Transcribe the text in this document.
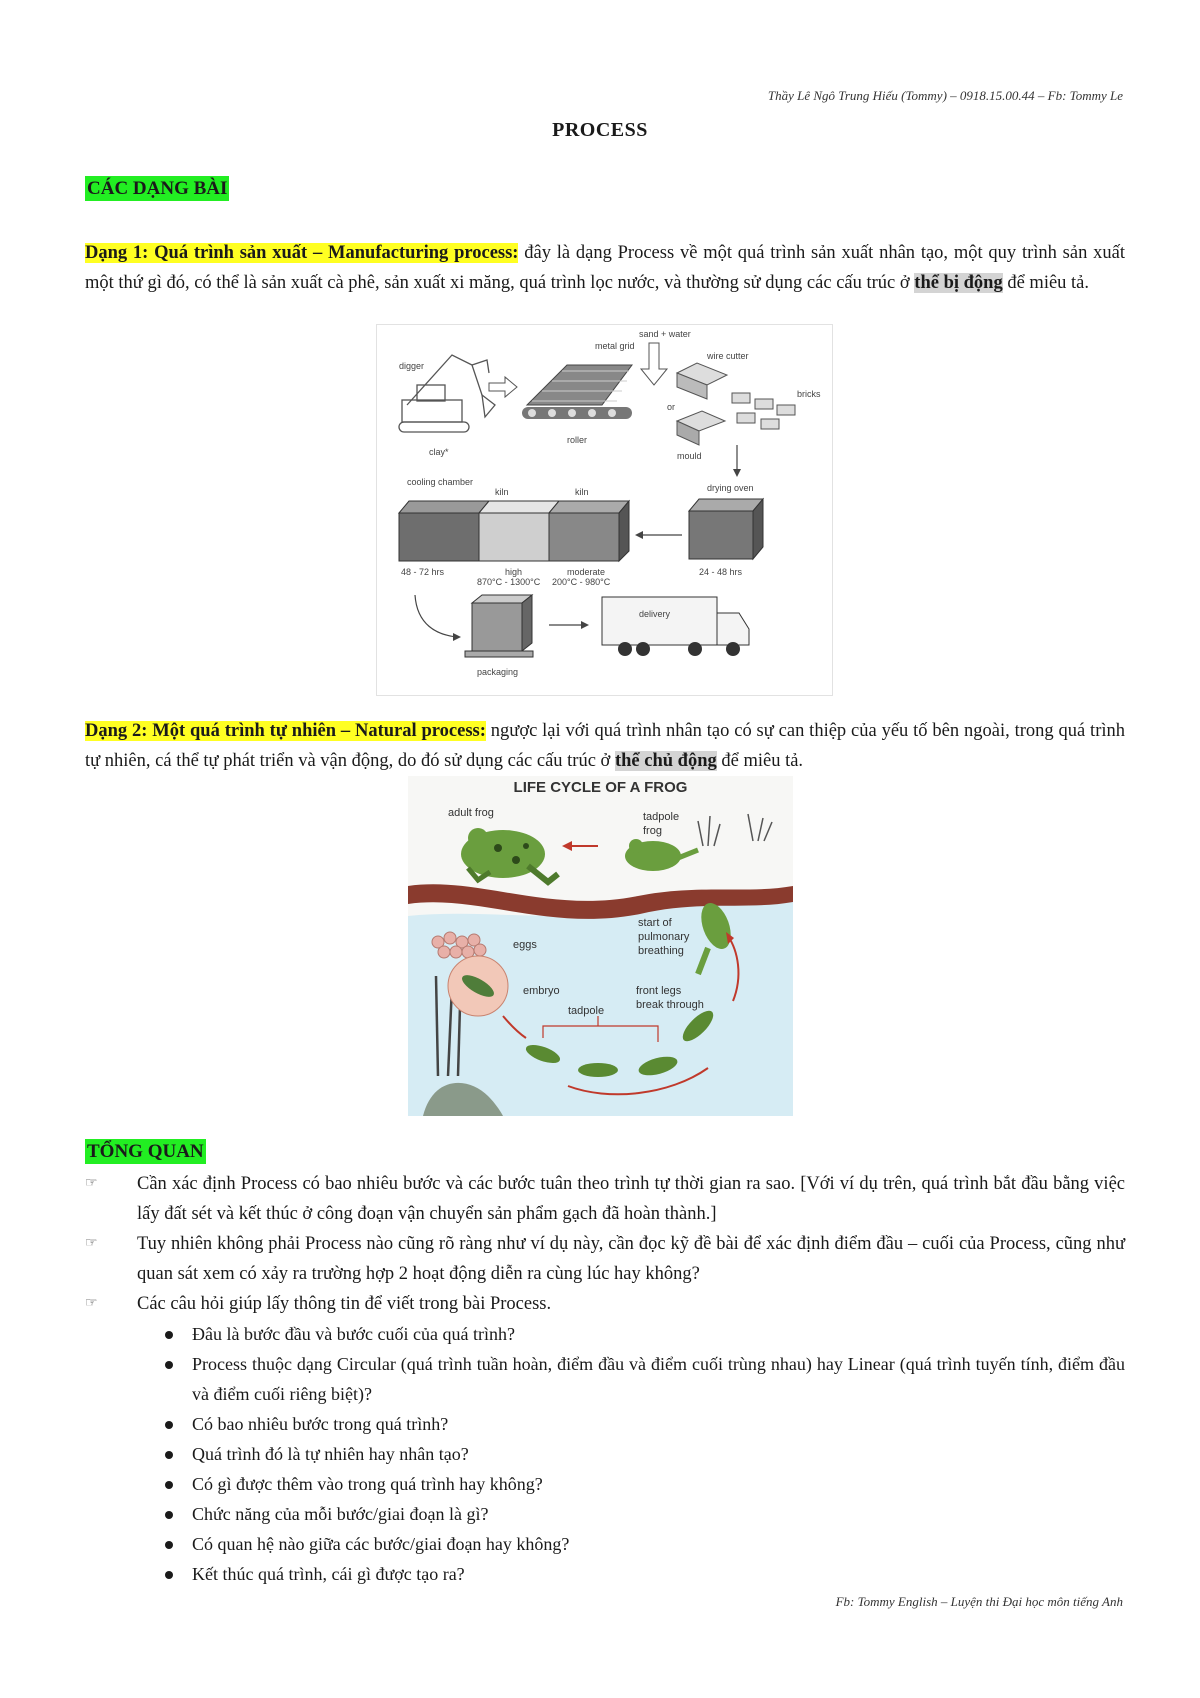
Thầy Lê Ngô Trung Hiếu (Tommy) – 0918.15.00.44 – Fb: Tommy Le
PROCESS
CÁC DẠNG BÀI
Dạng 1: Quá trình sản xuất – Manufacturing process: đây là dạng Process về một quá trình sản xuất nhân tạo, một quy trình sản xuất một thứ gì đó, có thể là sản xuất cà phê, sản xuất xi măng, quá trình lọc nước, và thường sử dụng các cấu trúc ở thể bị động để miêu tả.
digger
clay*
metal grid
roller
sand + water
wire cutter
or
bricks
mould
cooling chamber
kiln	kiln
48 - 72 hrs	high
870°C - 1300°C
moderate
200°C - 980°C
drying oven
24 - 48 hrs
packaging
delivery
Dạng 2: Một quá trình tự nhiên – Natural process: ngược lại với quá trình nhân tạo có sự can thiệp của yếu tố bên ngoài, trong quá trình tự nhiên, cá thể tự phát triển và vận động, do đó sử dụng các cấu trúc ở thể chủ động để miêu tả.
adult frog	tadpole
frog
start of
pulmonary
breathing
eggs
embryo
tadpole
front legs
break through
LIFE CYCLE OF A FROG
TỔNG QUAN
☞ Cần xác định Process có bao nhiêu bước và các bước tuân theo trình tự thời gian ra sao. [Với ví dụ trên, quá trình bắt đầu bằng việc lấy đất sét và kết thúc ở công đoạn vận chuyển sản phẩm gạch đã hoàn thành.]
☞ Tuy nhiên không phải Process nào cũng rõ ràng như ví dụ này, cần đọc kỹ đề bài để xác định điểm đầu – cuối của Process, cũng như quan sát xem có xảy ra trường hợp 2 hoạt động diễn ra cùng lúc hay không?
☞ Các câu hỏi giúp lấy thông tin để viết trong bài Process.
Đâu là bước đầu và bước cuối của quá trình?
Process thuộc dạng Circular (quá trình tuần hoàn, điểm đầu và điểm cuối trùng nhau) hay Linear (quá trình tuyến tính, điểm đầu và điểm cuối riêng biệt)?
Có bao nhiêu bước trong quá trình?
Quá trình đó là tự nhiên hay nhân tạo?
Có gì được thêm vào trong quá trình hay không?
Chức năng của mỗi bước/giai đoạn là gì?
Có quan hệ nào giữa các bước/giai đoạn hay không?
Kết thúc quá trình, cái gì được tạo ra?
Fb: Tommy English – Luyện thi Đại học môn tiếng Anh
